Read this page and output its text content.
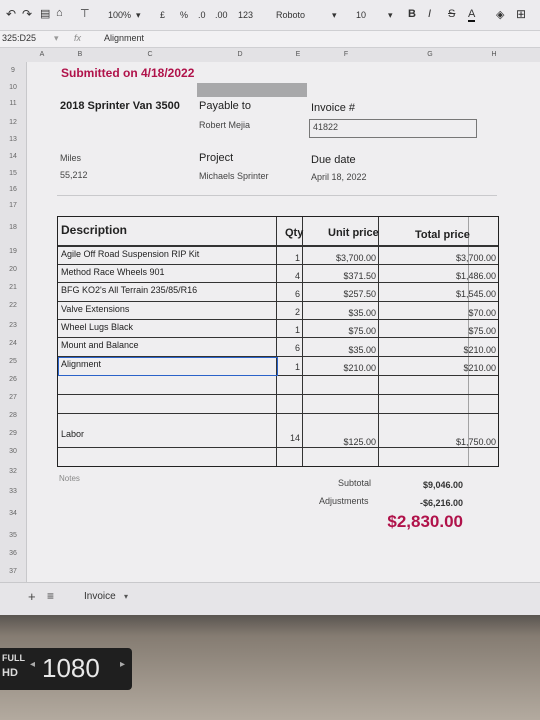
↶ ↷ ▤ ⌂ ⊤ 100% ▾ £ % .0 .00 123	Roboto	▾ 10 ▾ B I S A ◈ ⊞
325:D25 ▾ fx	Alignment
A	B	C	D	E	F	G	H
9
10
11
12
13
14
15
16
17
18
19
20
21
22
23
24
25
26
27
28
29
30
32
33
34
35
36
37
Submitted on 4/18/2022
2018 Sprinter Van 3500 Payable to
Robert Mejia
Invoice #
41822
Miles
55,212
Project
Michaels Sprinter
Due date
April 18, 2022
Description	Qty Unit price	Total price
Agile Off Road Suspension RIP Kit	1	$3,700.00	$3,700.00
Method Race Wheels 901	4	$371.50	$1,486.00
BFG KO2's All Terrain 235/85/R16	6	$257.50	$1,545.00
Valve Extensions	2	$35.00	$70.00
Wheel Lugs Black	1	$75.00	$75.00
Mount and Balance	6	$35.00	$210.00
Alignment	1	$210.00	$210.00
Labor	14	$125.00	$1,750.00
Notes	Subtotal	$9,046.00
Adjustments	-$6,216.00
$2,830.00
+ ≡	Invoice ▾
FULL
HD
◂ 1080 ▸
